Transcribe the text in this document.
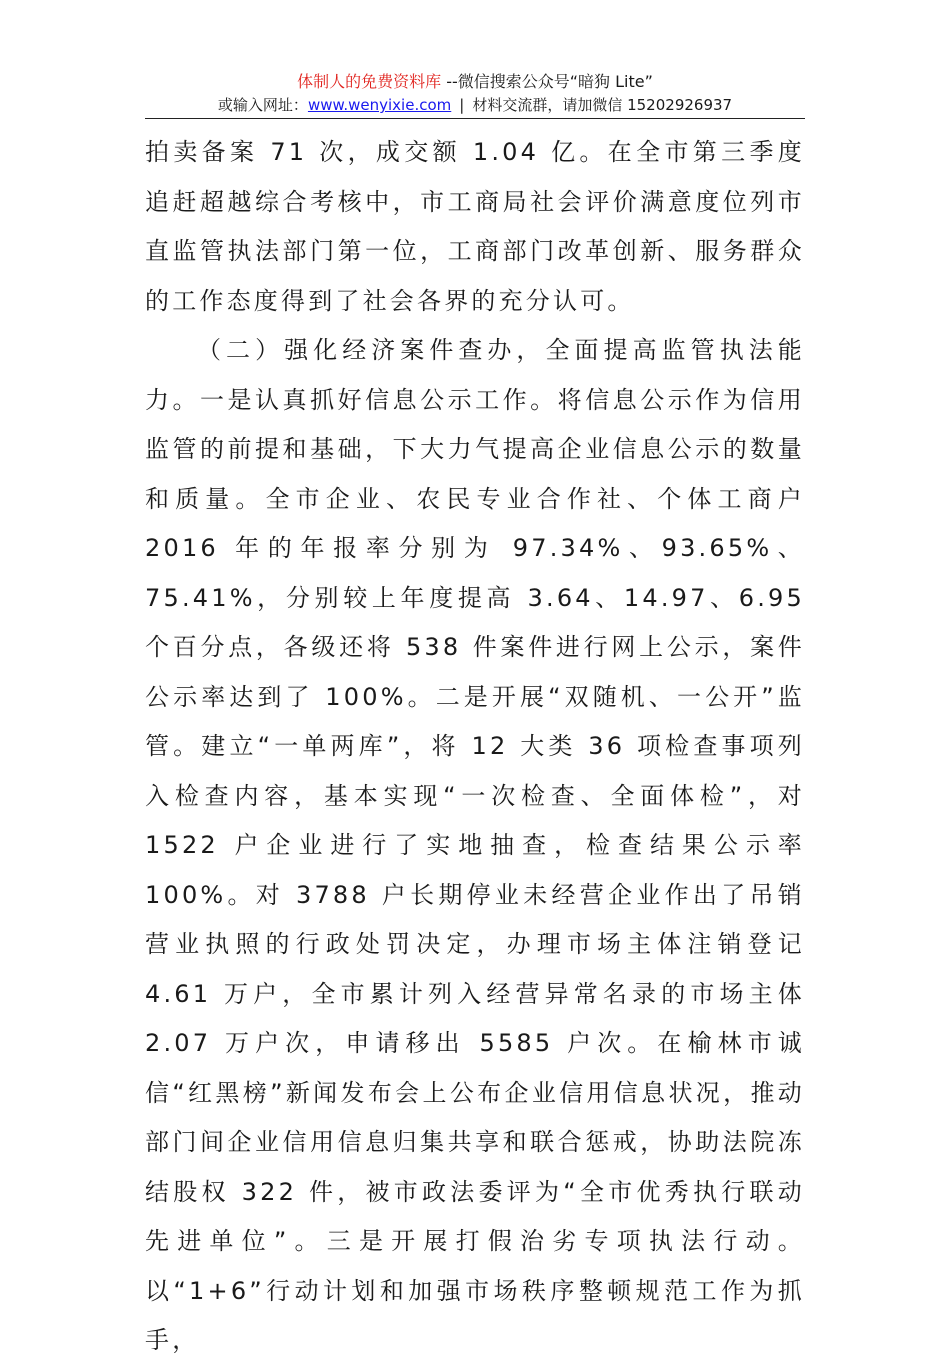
体制人的免费资料库 --微信搜索公众号“暗狗 Lite”
或输入网址：www.wenyixie.com | 材料交流群，请加微信 15202926937

拍卖备案 71 次，成交额 1.04 亿。在全市第三季度追赶超越综合考核中，市工商局社会评价满意度位列市直监管执法部门第一位，工商部门改革创新、服务群众的工作态度得到了社会各界的充分认可。

（二）强化经济案件查办，全面提高监管执法能力。一是认真抓好信息公示工作。将信息公示作为信用监管的前提和基础，下大力气提高企业信息公示的数量和质量。全市企业、农民专业合作社、个体工商户 2016 年的年报率分别为 97.34%、93.65%、75.41%，分别较上年度提高 3.64、14.97、6.95 个百分点，各级还将 538 件案件进行网上公示，案件公示率达到了 100%。二是开展“双随机、一公开”监管。建立“一单两库”，将 12 大类 36 项检查事项列入检查内容，基本实现“一次检查、全面体检”，对 1522 户企业进行了实地抽查，检查结果公示率 100%。对 3788 户长期停业未经营企业作出了吊销营业执照的行政处罚决定，办理市场主体注销登记 4.61 万户，全市累计列入经营异常名录的市场主体 2.07 万户次，申请移出 5585 户次。在榆林市诚信“红黑榜”新闻发布会上公布企业信用信息状况，推动部门间企业信用信息归集共享和联合惩戒，协助法院冻结股权 322 件，被市政法委评为“全市优秀执行联动先进单位”。三是开展打假治劣专项执法行动。以“1+6”行动计划和加强市场秩序整顿规范工作为抓手，
